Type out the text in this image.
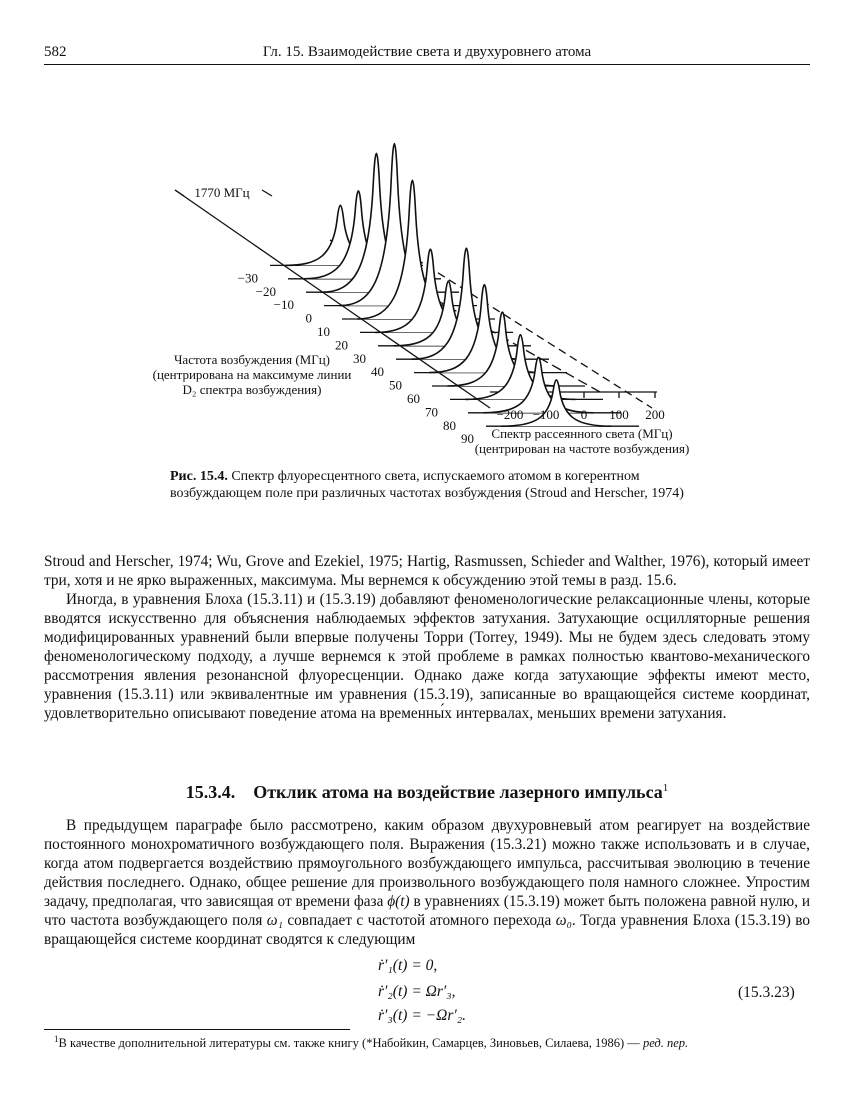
582	Гл. 15. Взаимодействие света и двухуровнего атома
1770 МГц
−30
−20
−10
0
10
20
30
40
50
60
70
80
90
−200 −100 0 100 200
Частота возбуждения (МГц)
(центрирована на максимуме линии
D₂ спектра возбуждения)
Спектр рассеянного света (МГц)
(центрирован на частоте возбуждения)
Рис. 15.4. Спектр флуоресцентного света, испускаемого атомом в когерентном возбуждающем поле при различных частотах возбуждения (Stroud and Herscher, 1974)

Stroud and Herscher, 1974; Wu, Grove and Ezekiel, 1975; Hartig, Rasmussen, Schieder and Walther, 1976), который имеет три, хотя и не ярко выраженных, максимума. Мы вернемся к обсуждению этой темы в разд. 15.6.

Иногда, в уравнения Блоха (15.3.11) и (15.3.19) добавляют феноменологические релаксационные члены, которые вводятся искусственно для объяснения наблюдаемых эффектов затухания. Затухающие осцилляторные решения модифицированных уравнений были впервые получены Торри (Torrey, 1949). Мы не будем здесь следовать этому феноменологическому подходу, а лучше вернемся к этой проблеме в рамках полностью квантово-механического рассмотрения явления резонансной флуоресценции. Однако даже когда затухающие эффекты имеют место, уравнения (15.3.11) или эквивалентные им уравнения (15.3.19), записанные во вращающейся системе координат, удовлетворительно описывают поведение атома на временны́х интервалах, меньших времени затухания.

15.3.4. Отклик атома на воздействие лазерного импульса$^1$

В предыдущем параграфе было рассмотрено, каким образом двухуровневый атом реагирует на воздействие постоянного монохроматичного возбуждающего поля. Выражения (15.3.21) можно также использовать и в случае, когда атом подвергается воздействию прямоугольного возбуждающего импульса, рассчитывая эволюцию в течение действия последнего. Однако, общее решение для произвольного возбуждающего поля намного сложнее. Упростим задачу, предполагая, что зависящая от времени фаза ϕ(t) в уравнениях (15.3.19) может быть положена равной нулю, и что частота возбуждающего поля ω₁ совпадает с частотой атомного перехода ω₀. Тогда уравнения Блоха (15.3.19) во вращающейся системе координат сводятся к следующим

ṙ′₁(t) = 0,
ṙ′₂(t) = Ωr′₃,
ṙ′₃(t) = −Ωr′₂.
(15.3.23)
$^1$В качестве дополнительной литературы см. также книгу (*Набойкин, Самарцев, Зиновьев, Силаева, 1986) — ред. пер.
